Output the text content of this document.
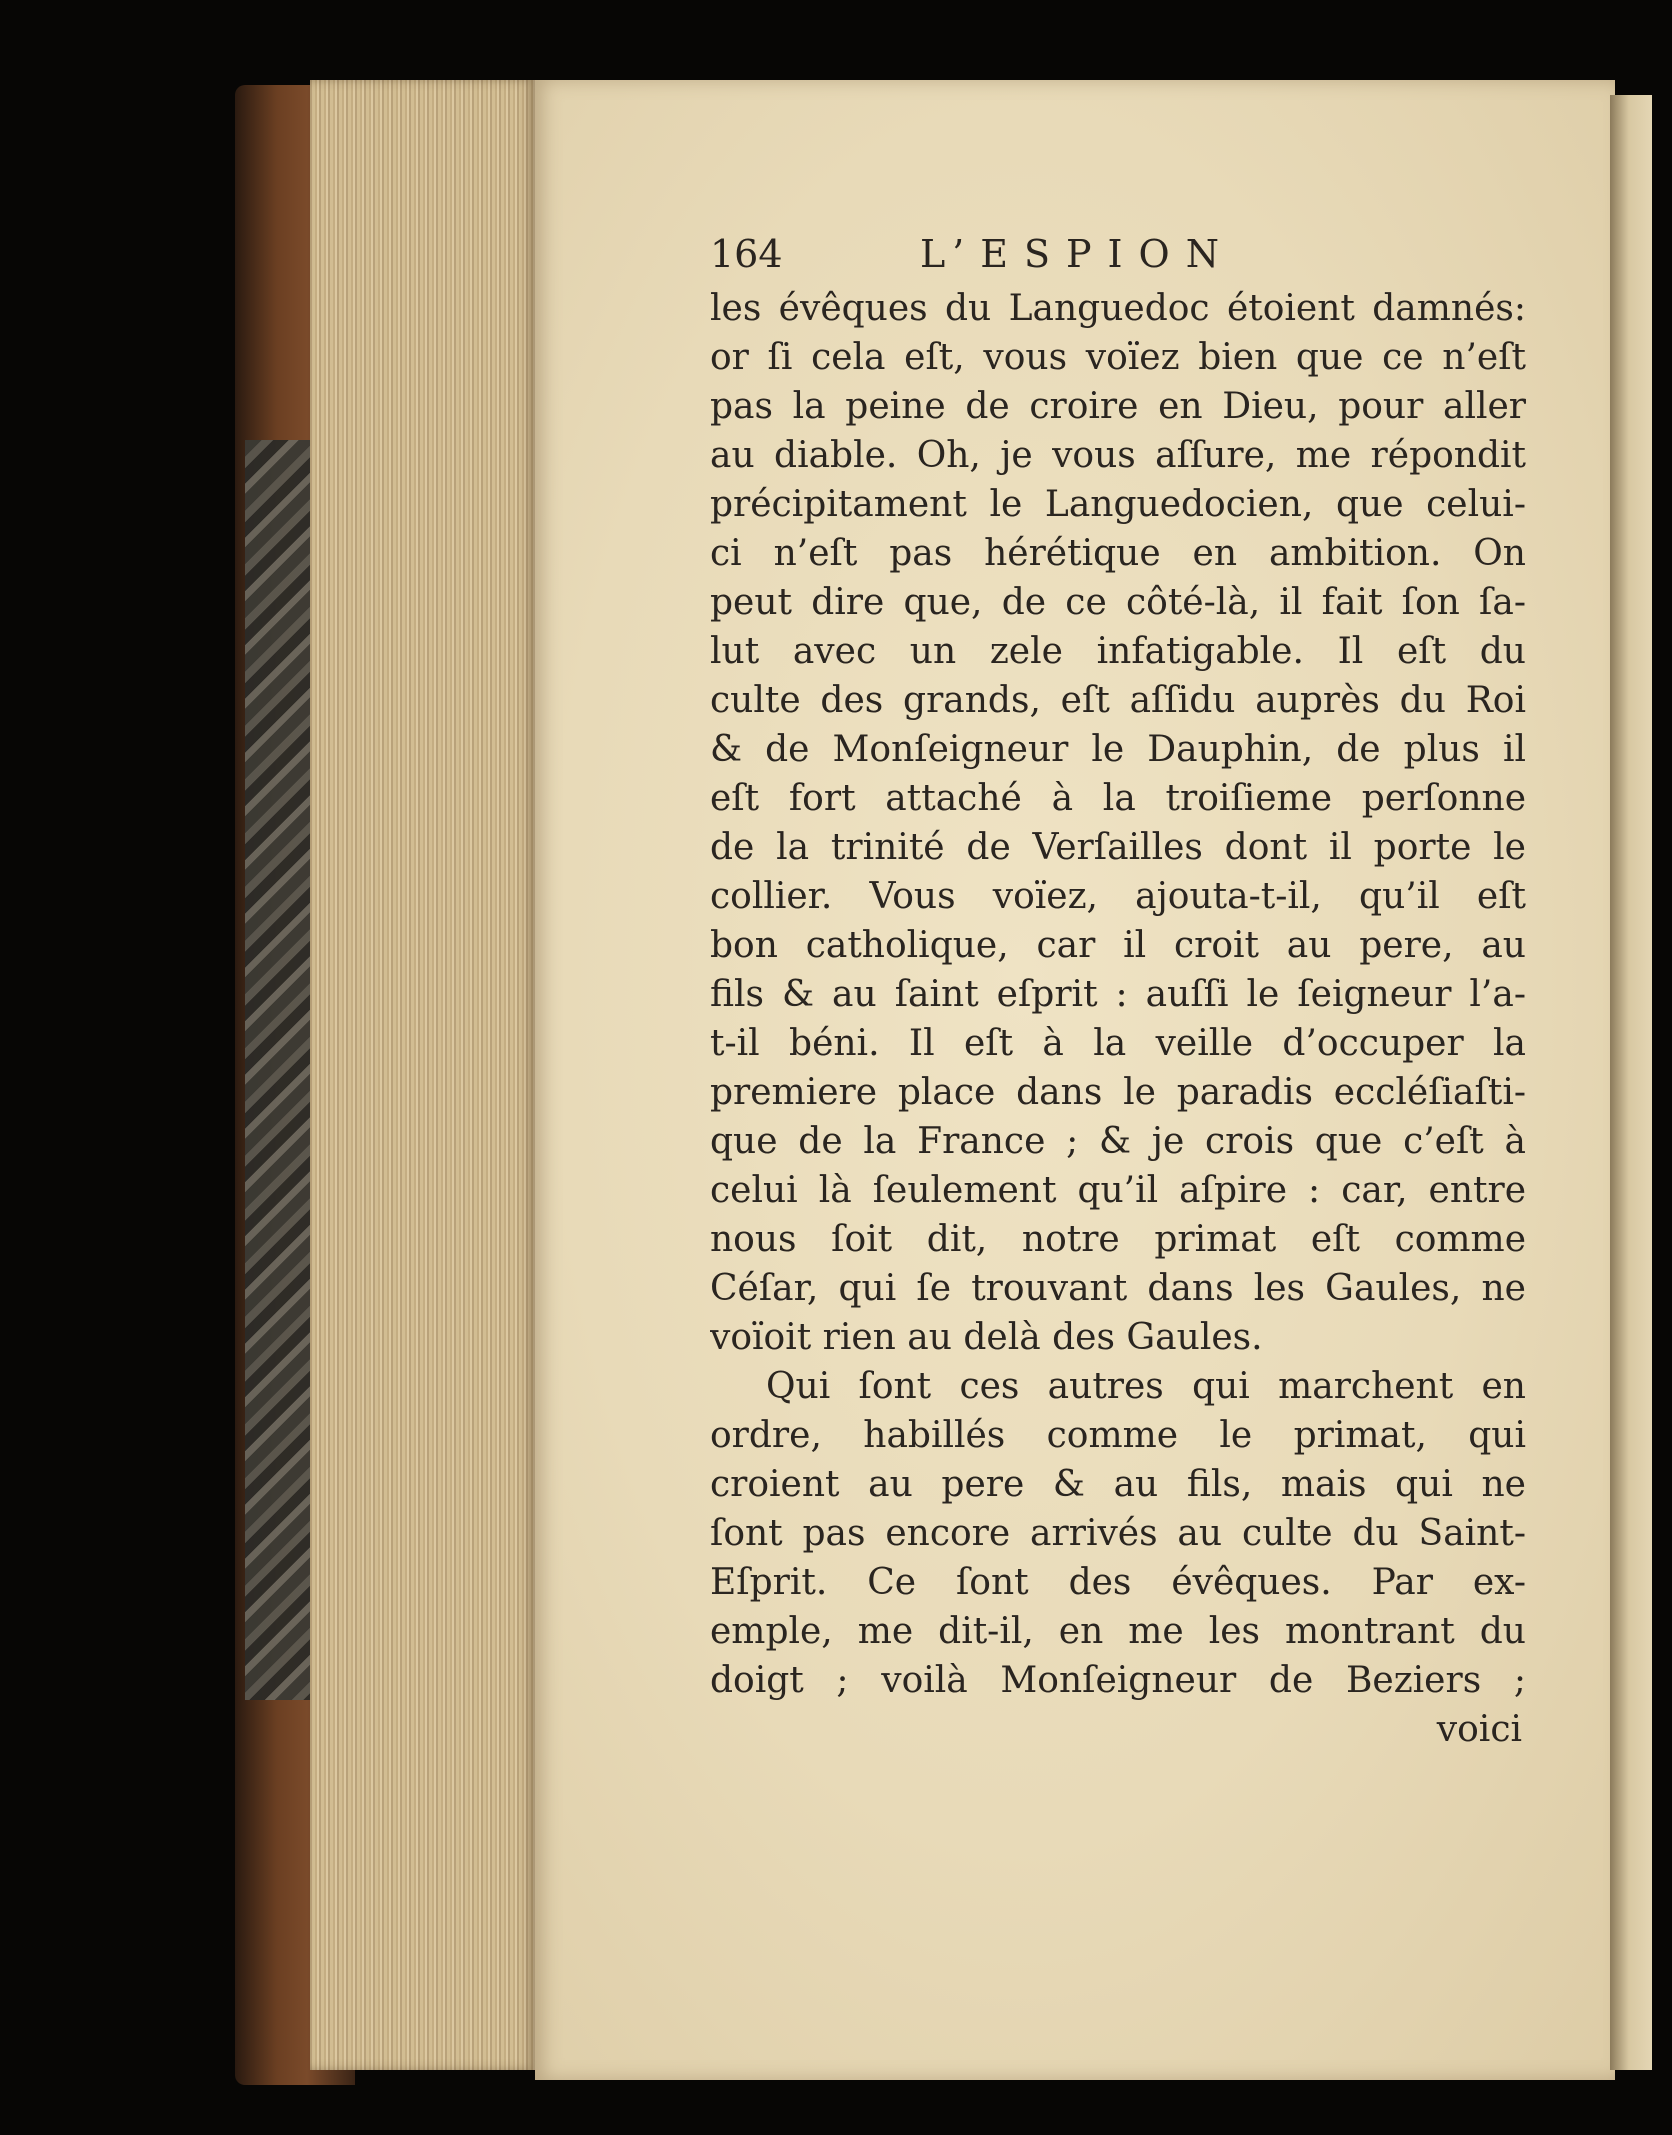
164	L’ESPION
les évêques du Languedoc étoient damnés:
or ſi cela eſt, vous voïez bien que ce n’eſt
pas la peine de croire en Dieu, pour aller
au diable. Oh, je vous aſſure, me répondit
précipitament le Languedocien, que celui-
ci n’eſt pas hérétique en ambition. On
peut dire que, de ce côté-là, il fait ſon ſa-
lut avec un zele infatigable. Il eſt du
culte des grands, eſt aſſidu auprès du Roi
& de Monſeigneur le Dauphin, de plus il
eſt fort attaché à la troiſieme perſonne
de la trinité de Verſailles dont il porte le
collier. Vous voïez, ajouta-t-il, qu’il eſt
bon catholique, car il croit au pere, au
fils & au ſaint eſprit : auſſi le ſeigneur l’a-
t-il béni. Il eſt à la veille d’occuper la
premiere place dans le paradis eccléſiaſti-
que de la France ; & je crois que c’eſt à
celui là ſeulement qu’il aſpire : car, entre
nous ſoit dit, notre primat eſt comme
Céſar, qui ſe trouvant dans les Gaules, ne
voïoit rien au delà des Gaules.
Qui ſont ces autres qui marchent en
ordre, habillés comme le primat, qui
croient au pere & au fils, mais qui ne
ſont pas encore arrivés au culte du Saint-
Eſprit. Ce ſont des évêques. Par ex-
emple, me dit-il, en me les montrant du
doigt ; voilà Monſeigneur de Beziers ;
voici
